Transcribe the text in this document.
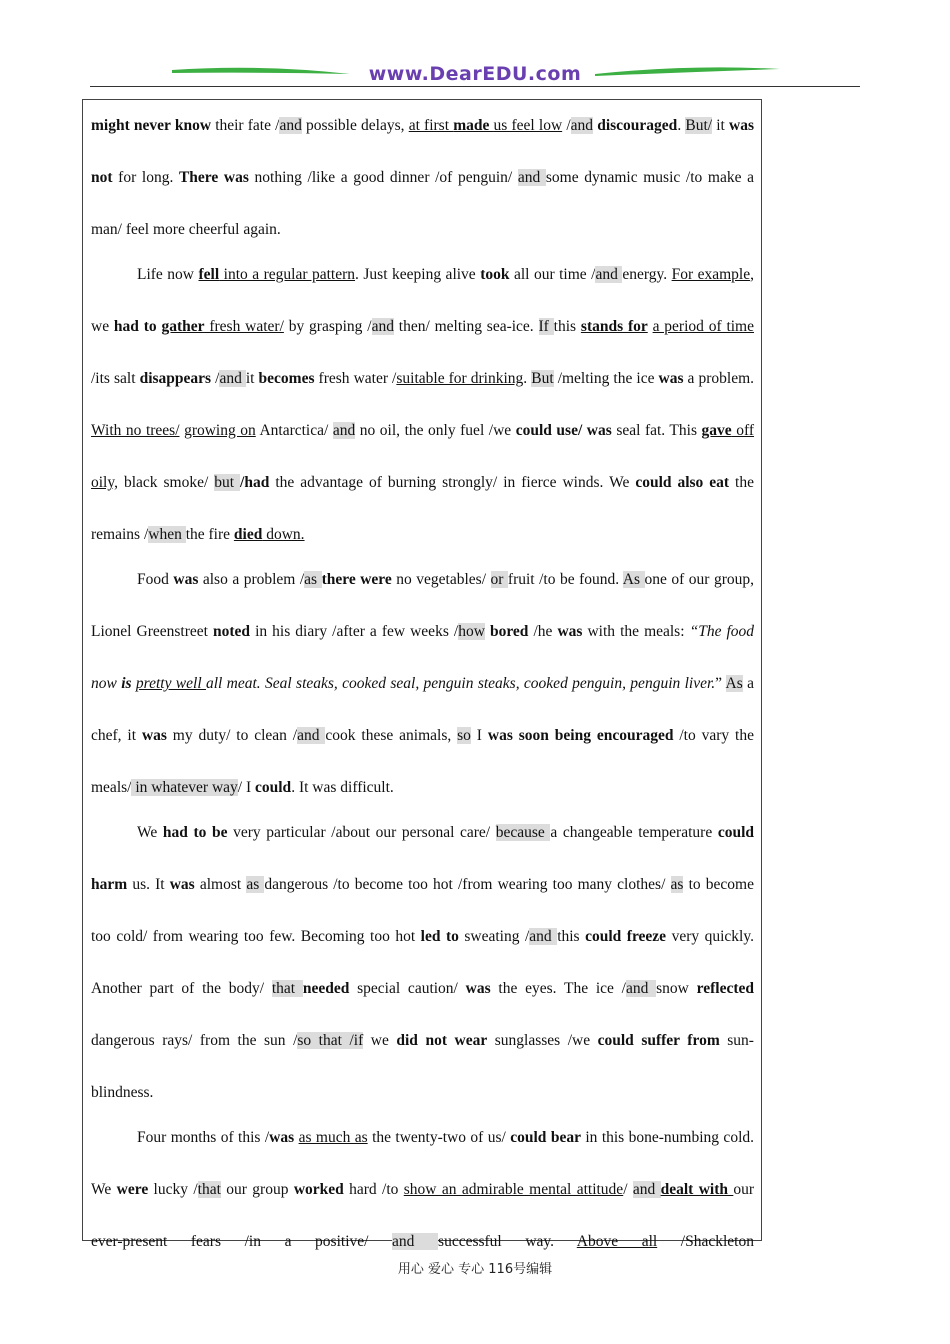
www.DearEDU.com

might never know their fate /and possible delays, at first made us feel low /and discouraged. But/ it was not for long. There was nothing /like a good dinner /of penguin/ and some dynamic music /to make a man/ feel more cheerful again.

Life now fell into a regular pattern. Just keeping alive took all our time /and energy. For example, we had to gather fresh water/ by grasping /and then/ melting sea-ice. If this stands for a period of time /its salt disappears /and it becomes fresh water /suitable for drinking. But /melting the ice was a problem. With no trees/ growing on Antarctica/ and no oil, the only fuel /we could use/ was seal fat. This gave off oily, black smoke/ but /had the advantage of burning strongly/ in fierce winds. We could also eat the remains /when the fire died down.

Food was also a problem /as there were no vegetables/ or fruit /to be found. As one of our group, Lionel Greenstreet noted in his diary /after a few weeks /how bored /he was with the meals: “The food now is pretty well all meat. Seal steaks, cooked seal, penguin steaks, cooked penguin, penguin liver.” As a chef, it was my duty/ to clean /and cook these animals, so I was soon being encouraged /to vary the meals/ in whatever way/ I could. It was difficult.

We had to be very particular /about our personal care/ because a changeable temperature could harm us. It was almost as dangerous /to become too hot /from wearing too many clothes/ as to become too cold/ from wearing too few. Becoming too hot led to sweating /and this could freeze very quickly. Another part of the body/ that needed special caution/ was the eyes. The ice /and snow reflected dangerous rays/ from the sun /so that /if we did not wear sunglasses /we could suffer from sun-blindness.

Four months of this /was as much as the twenty-two of us/ could bear in this bone-numbing cold. We were lucky /that our group worked hard /to show an admirable mental attitude/ and dealt with our ever-present fears /in a positive/ and successful way. Above all /Shackleton

用心 爱心 专心 116号编辑
